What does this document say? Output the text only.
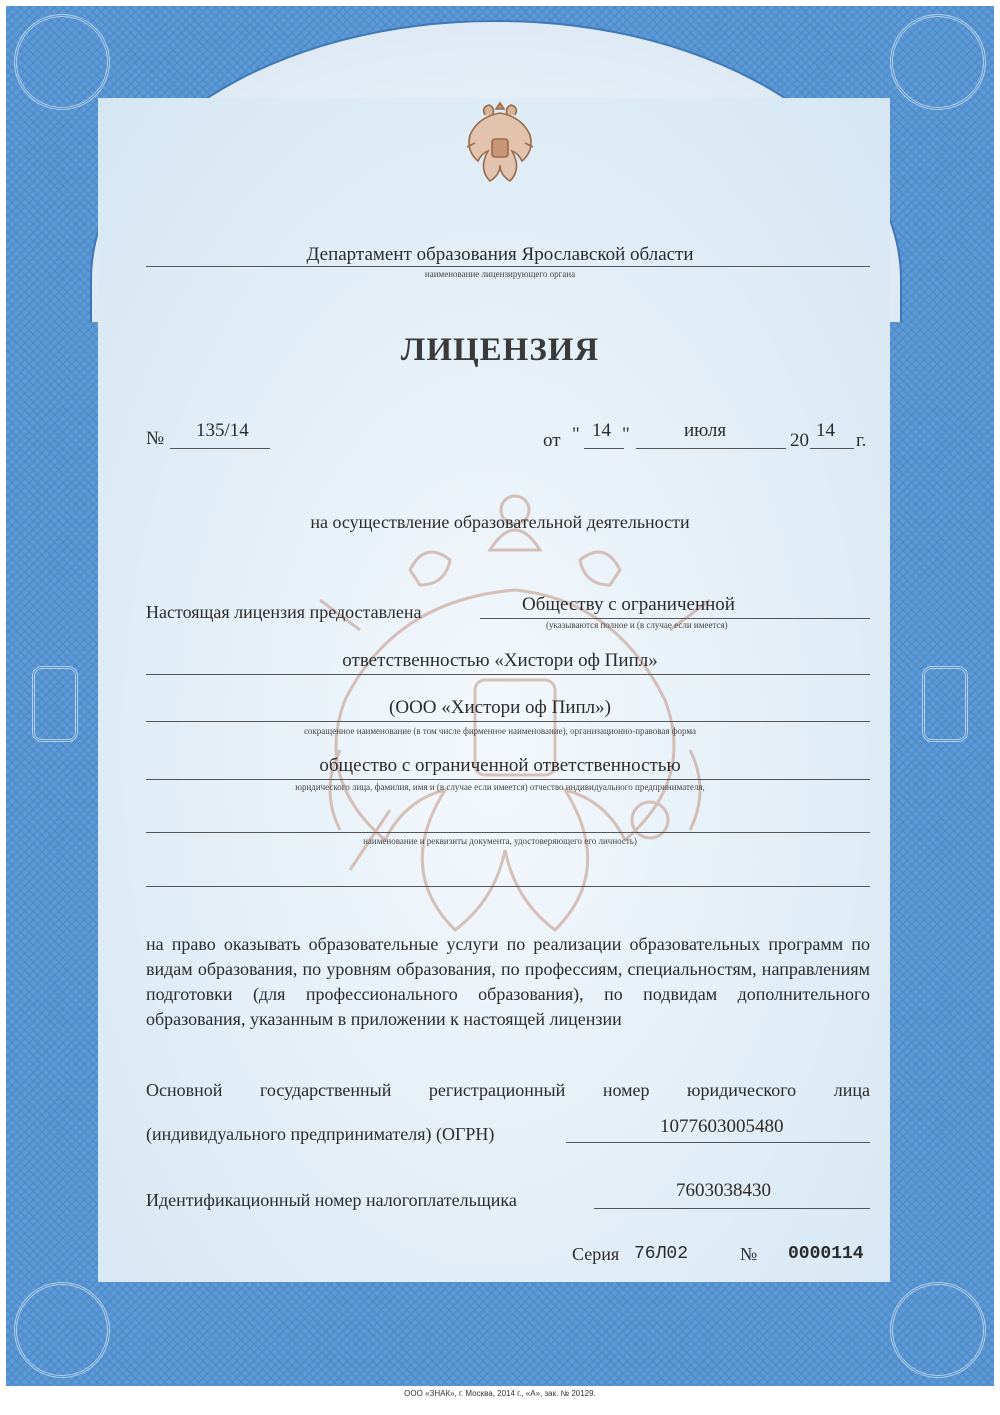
Департамент образования Ярославской области
наименование лицензирующего органа
ЛИЦЕНЗИЯ
№ 135/14	от " 14 "	июля	20 14 г.
на осуществление образовательной деятельности
Настоящая лицензия предоставлена	Обществу с ограниченной
(указываются полное и (в случае если имеется)
ответственностью «Хистори оф Пипл»
(ООО «Хистори оф Пипл»)
сокращенное наименование (в том числе фирменное наименование), организационно-правовая форма
общество с ограниченной ответственностью
юридического лица, фамилия, имя и (в случае если имеется) отчество индивидуального предпринимателя,
наименование и реквизиты документа, удостоверяющего его личность)
на право оказывать образовательные услуги по реализации образовательных программ по видам образования, по уровням образования, по профессиям, специальностям, направлениям подготовки (для профессионального образования), по подвидам дополнительного образования, указанным в приложении к настоящей лицензии
Основной государственный регистрационный номер юридического лица
(индивидуального предпринимателя) (ОГРН)	1077603005480
Идентификационный номер налогоплательщика	7603038430
Серия 76Л02	№ 0000114
ООО «ЗНАК», г. Москва, 2014 г., «А», зак. № 20129.
